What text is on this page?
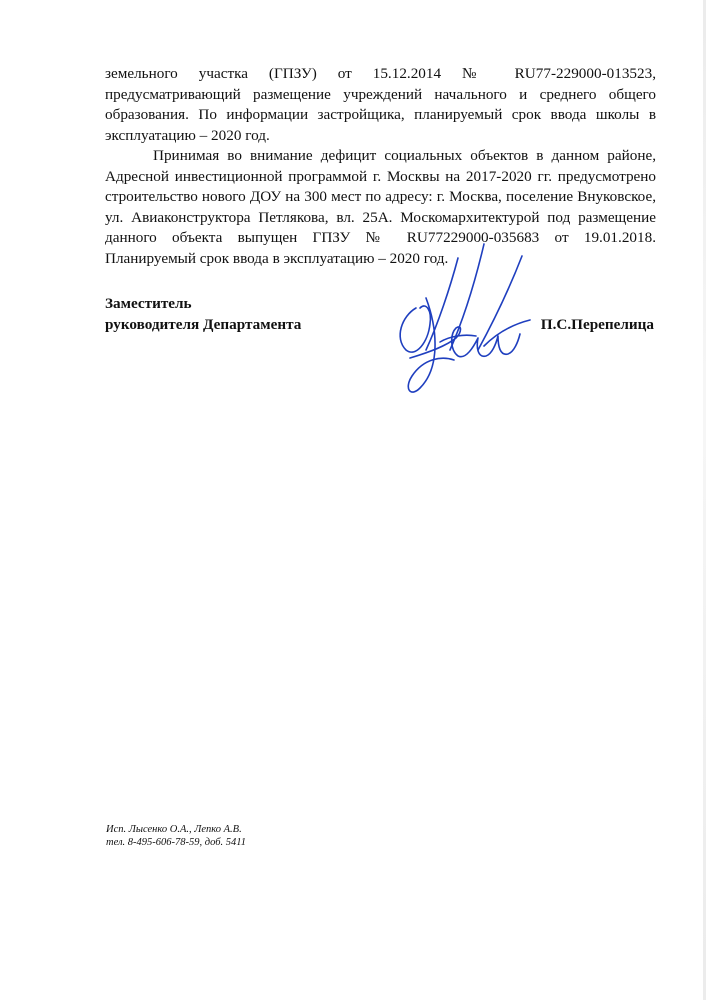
земельного участка (ГПЗУ) от 15.12.2014 № RU77-229000-013523, предусматривающий размещение учреждений начального и среднего общего образования. По информации застройщика, планируемый срок ввода школы в эксплуатацию – 2020 год.

Принимая во внимание дефицит социальных объектов в данном районе, Адресной инвестиционной программой г. Москвы на 2017-2020 гг. предусмотрено строительство нового ДОУ на 300 мест по адресу: г. Москва, поселение Внуковское, ул. Авиаконструктора Петлякова, вл. 25А. Москомархитектурой под размещение данного объекта выпущен ГПЗУ № RU77229000-035683 от 19.01.2018. Планируемый срок ввода в эксплуатацию – 2020 год.

Заместитель
руководителя Департамента	П.С.Перепелица
Исп. Лысенко О.А., Лепко А.В.
тел. 8-495-606-78-59, доб. 5411
